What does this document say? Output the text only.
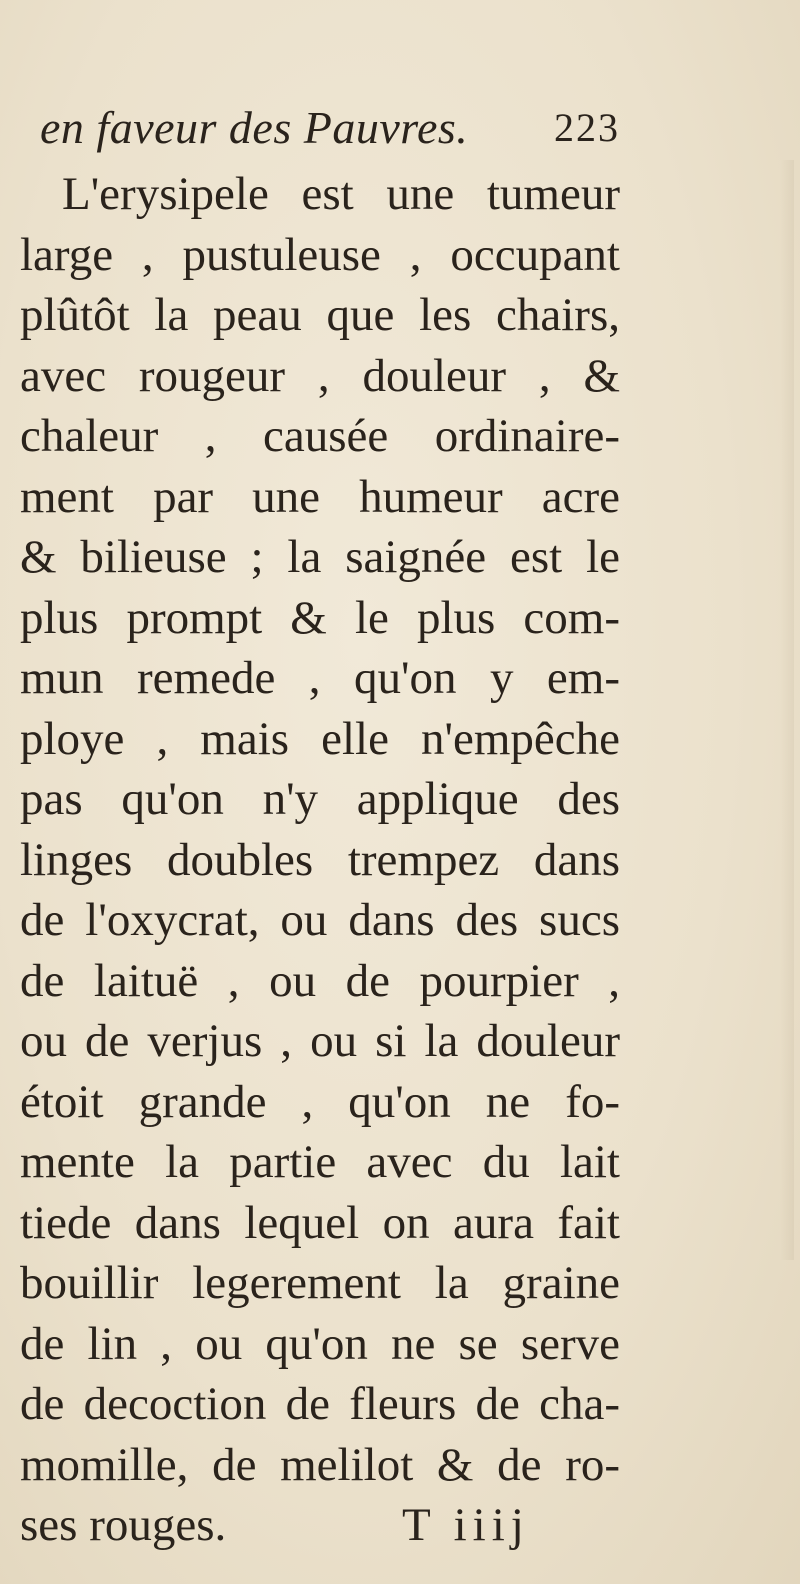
en faveur des Pauvres. 223
L'erysipele est une tumeur
large , pustuleuse , occupant
plûtôt la peau que les chairs,
avec rougeur , douleur , &
chaleur , causée ordinaire-
ment par une humeur acre
& bilieuse ; la saignée est le
plus prompt & le plus com-
mun remede , qu'on y em-
ploye , mais elle n'empêche
pas qu'on n'y applique des
linges doubles trempez dans
de l'oxycrat, ou dans des sucs
de laituë , ou de pourpier ,
ou de verjus , ou si la douleur
étoit grande , qu'on ne fo-
mente la partie avec du lait
tiede dans lequel on aura fait
bouillir legerement la graine
de lin , ou qu'on ne se serve
de decoction de fleurs de cha-
momille, de melilot & de ro-
ses rouges.	T iiij
